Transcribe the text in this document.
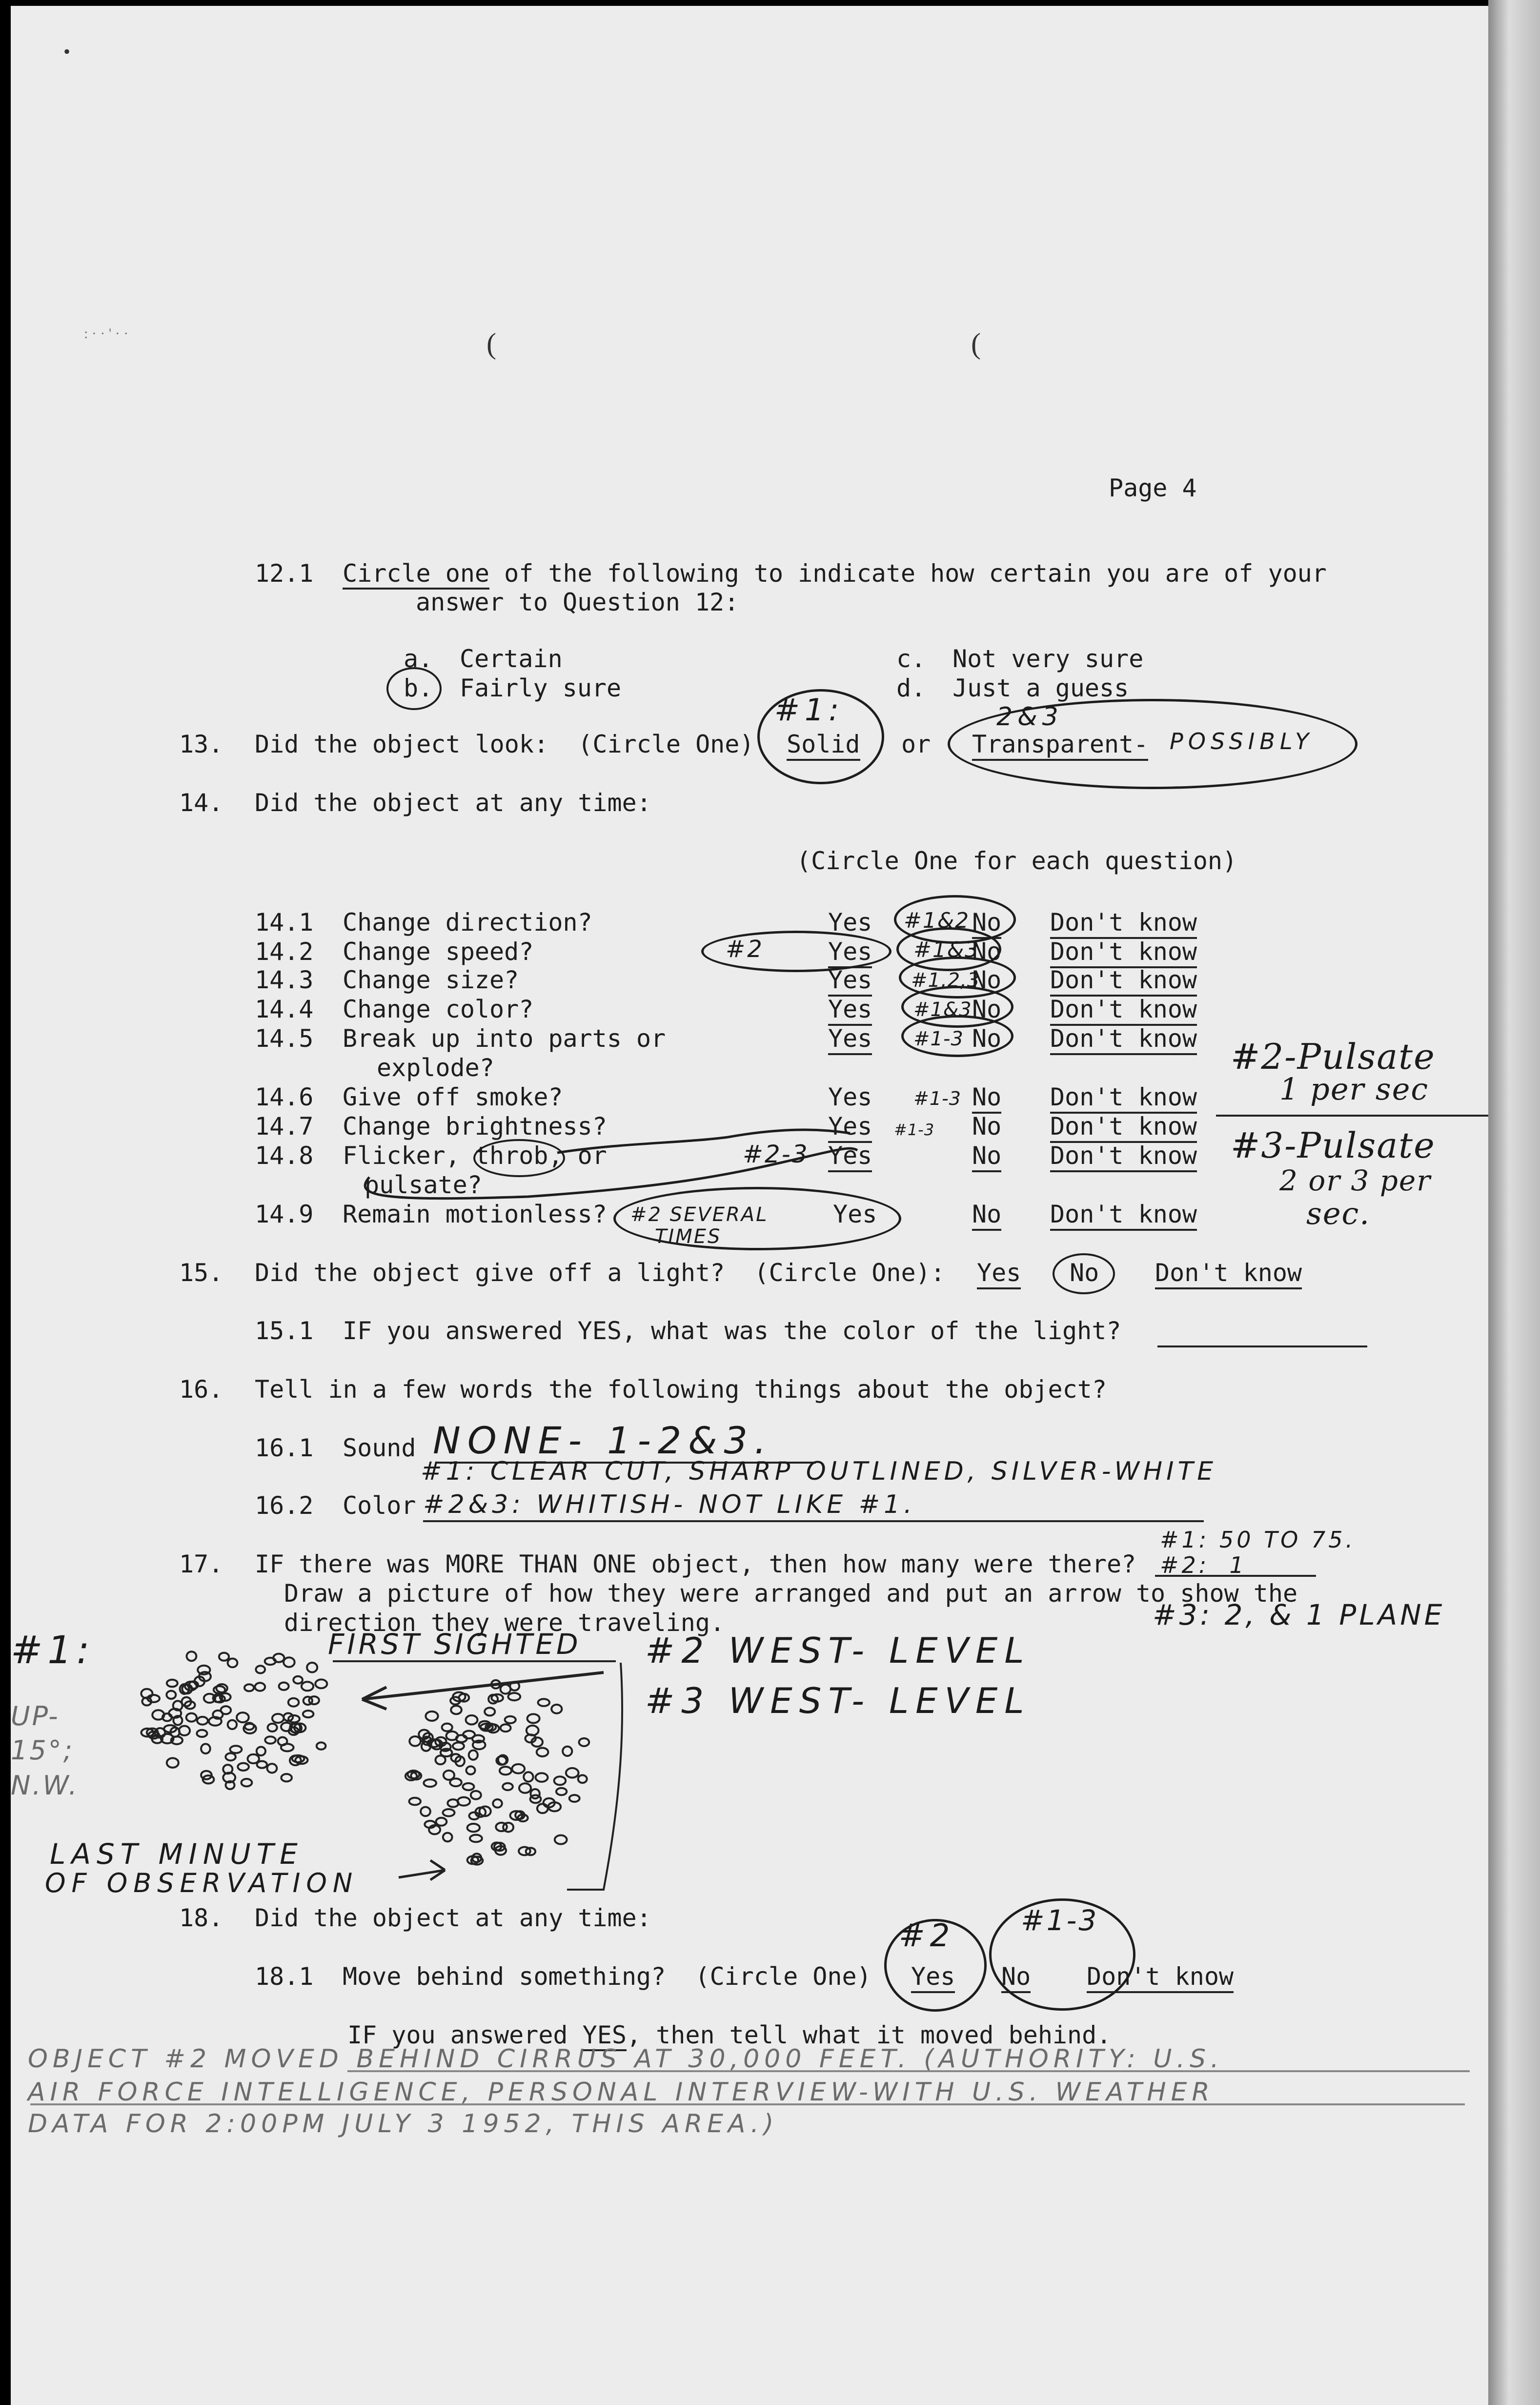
•
(	(
: · · ' · ·
Page 4
12.1 Circle one of the following to indicate how certain you are of your
answer to Question 12:
a. Certain
b. Fairly sure
c. Not very sure
d. Just a guess
13. Did the object look:  (Circle One) Solid
#1:
or Transparent-
2&3
POSSIBLY
14. Did the object at any time:
(Circle One for each question)
14.1 Change direction?	Yes	No Don't know
#1&2
14.2 Change speed?	Yes	No Don't know
#1&3
#2
14.3 Change size?	Yes	No Don't know
#1,2,3
14.4 Change color?	Yes	No Don't know
#1&3
14.5 Break up into parts or
explode?
Yes	No Don't know
#1-3
14.6 Give off smoke?	Yes	No Don't know
#1-3
14.7 Change brightness?	Yes	No Don't know
#1-3
14.8 Flicker, throb, or
pulsate?
Yes	No Don't know
#2-3
14.9 Remain motionless?	Yes	No Don't know
#2 SEVERAL
TIMES
#2-Pulsate
1 per sec
#3-Pulsate
2 or 3 per
sec.
15. Did the object give off a light?  (Circle One): Yes No Don't know
15.1 IF you answered YES, what was the color of the light?
16. Tell in a few words the following things about the object?
16.1 Sound NONE- 1-2&3.
#1: CLEAR CUT, SHARP OUTLINED, SILVER-WHITE
16.2 Color #2&3: WHITISH- NOT LIKE #1.
17. IF there was MORE THAN ONE object, then how many were there?
Draw a picture of how they were arranged and put an arrow to show the
direction they were traveling.
#1: 50 TO 75.
#2:  1
#3: 2, & 1 PLANE
#1:	FIRST SIGHTED #2 WEST- LEVEL
#3 WEST- LEVEL
UP-
15°;
N.W.
LAST MINUTE
OF OBSERVATION
18. Did the object at any time:
18.1 Move behind something?  (Circle One) Yes
#2
No
#1-3
Don't know
IF you answered YES, then tell what it moved behind.
OBJECT #2 MOVED BEHIND CIRRUS AT 30,000 FEET. (AUTHORITY: U.S.
AIR FORCE INTELLIGENCE, PERSONAL INTERVIEW-WITH U.S. WEATHER
DATA FOR 2:00PM JULY 3 1952, THIS AREA.)
